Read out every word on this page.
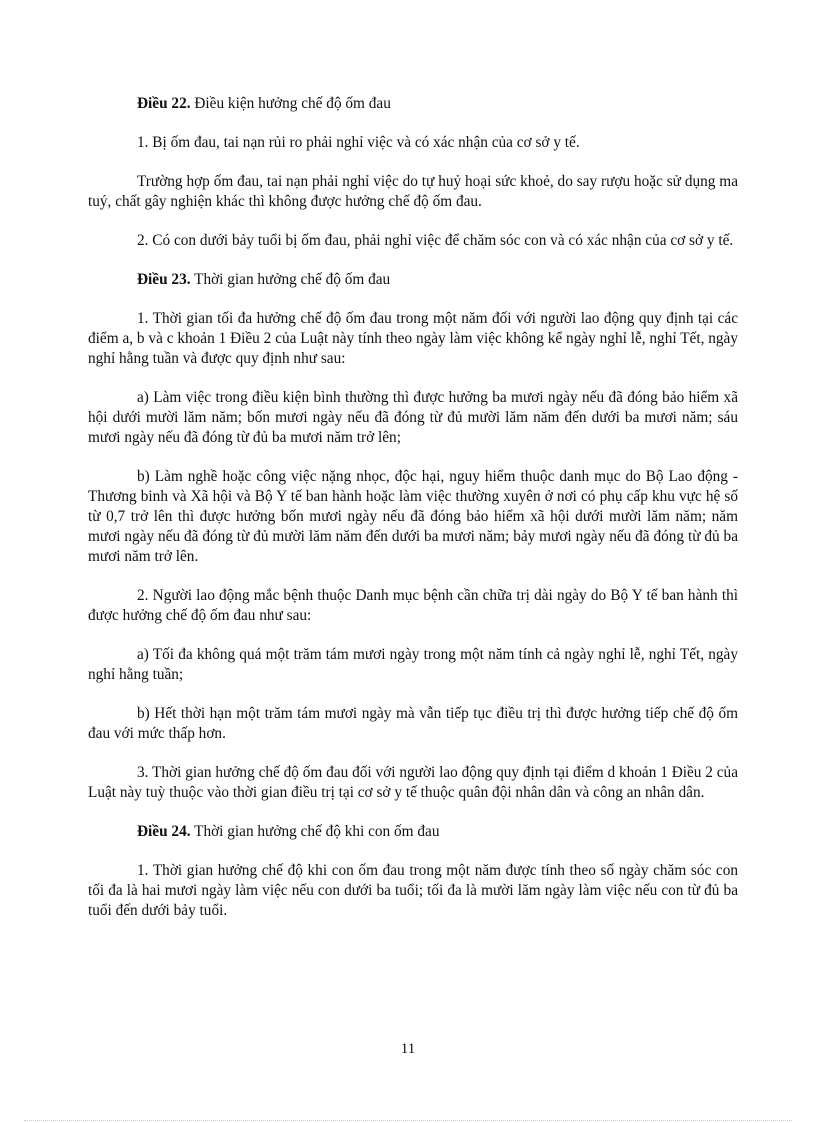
Điều 22. Điều kiện hưởng chế độ ốm đau

1. Bị ốm đau, tai nạn rủi ro phải nghỉ việc và có xác nhận của cơ sở y tế.

Trường hợp ốm đau, tai nạn phải nghỉ việc do tự huỷ hoại sức khoẻ, do say rượu hoặc sử dụng ma tuý, chất gây nghiện khác thì không được hưởng chế độ ốm đau.

2. Có con dưới bảy tuổi bị ốm đau, phải nghỉ việc để chăm sóc con và có xác nhận của cơ sở y tế.

Điều 23. Thời gian hưởng chế độ ốm đau

1. Thời gian tối đa hưởng chế độ ốm đau trong một năm đối với người lao động quy định tại các điểm a, b và c khoản 1 Điều 2 của Luật này tính theo ngày làm việc không kể ngày nghỉ lễ, nghỉ Tết, ngày nghỉ hằng tuần và được quy định như sau:

a) Làm việc trong điều kiện bình thường thì được hưởng ba mươi ngày nếu đã đóng bảo hiểm xã hội dưới mười lăm năm; bốn mươi ngày nếu đã đóng từ đủ mười lăm năm đến dưới ba mươi năm; sáu mươi ngày nếu đã đóng từ đủ ba mươi năm trở lên;

b) Làm nghề hoặc công việc nặng nhọc, độc hại, nguy hiểm thuộc danh mục do Bộ Lao động - Thương binh và Xã hội và Bộ Y tế ban hành hoặc làm việc thường xuyên ở nơi có phụ cấp khu vực hệ số từ 0,7 trở lên thì được hưởng bốn mươi ngày nếu đã đóng bảo hiểm xã hội dưới mười lăm năm; năm mươi ngày nếu đã đóng từ đủ mười lăm năm đến dưới ba mươi năm; bảy mươi ngày nếu đã đóng từ đủ ba mươi năm trở lên.

2. Người lao động mắc bệnh thuộc Danh mục bệnh cần chữa trị dài ngày do Bộ Y tế ban hành thì được hưởng chế độ ốm đau như sau:

a) Tối đa không quá một trăm tám mươi ngày trong một năm tính cả ngày nghỉ lễ, nghỉ Tết, ngày nghỉ hằng tuần;

b) Hết thời hạn một trăm tám mươi ngày mà vẫn tiếp tục điều trị thì được hưởng tiếp chế độ ốm đau với mức thấp hơn.

3. Thời gian hưởng chế độ ốm đau đối với người lao động quy định tại điểm d khoản 1 Điều 2 của Luật này tuỳ thuộc vào thời gian điều trị tại cơ sở y tế thuộc quân đội nhân dân và công an nhân dân.

Điều 24. Thời gian hưởng chế độ khi con ốm đau

1. Thời gian hưởng chế độ khi con ốm đau trong một năm được tính theo số ngày chăm sóc con tối đa là hai mươi ngày làm việc nếu con dưới ba tuổi; tối đa là mười lăm ngày làm việc nếu con từ đủ ba tuổi đến dưới bảy tuổi.

11
